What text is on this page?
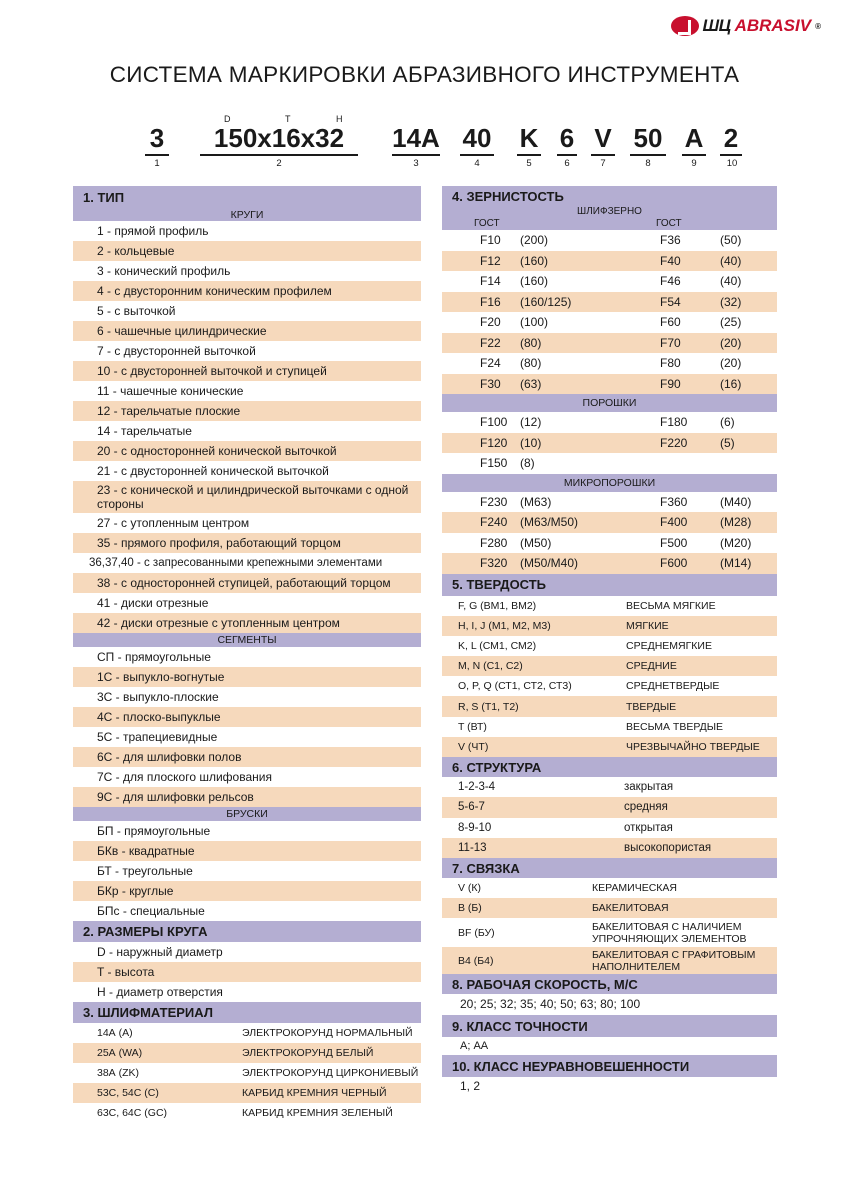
ШЦ ABRASIV ®
СИСТЕМА МАРКИРОВКИ АБРАЗИВНОГО ИНСТРУМЕНТА
3	150х16х32	14А 40 K 6 V 50 А 2
D	T	H
1	2	3	4	5	6	7	8	9	10
1. ТИП
КРУГИ
1 - прямой профиль
2 - кольцевые
3 - конический профиль
4 - с двусторонним коническим профилем
5 - с выточкой
6 - чашечные цилиндрические
7 - с двусторонней выточкой
10 - с двусторонней выточкой и ступицей
11 - чашечные конические
12 - тарельчатые плоские
14 - тарельчатые
20 - с односторонней конической выточкой
21 - с двусторонней конической выточкой
23 - с конической и цилиндрической выточками с одной стороны
27 - с утопленным центром
35 - прямого профиля, работающий торцом
36,37,40 - с запресованными крепежными элементами
38 - с односторонней ступицей, работающий торцом
41 - диски отрезные
42 - диски отрезные с утопленным центром
СЕГМЕНТЫ
СП - прямоугольные
1С - выпукло-вогнутые
3С - выпукло-плоские
4С - плоско-выпуклые
5С - трапециевидные
6С - для шлифовки полов
7С - для плоского шлифования
9С - для шлифовки рельсов
БРУСКИ
БП - прямоугольные
БКв - квадратные
БТ - треугольные
БКр - круглые
БПс - специальные
2. РАЗМЕРЫ КРУГА
D - наружный диаметр
T - высота
H - диаметр отверстия
3. ШЛИФМАТЕРИАЛ
14А (А)	ЭЛЕКТРОКОРУНД НОРМАЛЬНЫЙ
25А (WA)	ЭЛЕКТРОКОРУНД БЕЛЫЙ
38А (ZK)	ЭЛЕКТРОКОРУНД ЦИРКОНИЕВЫЙ
53С, 54С (С)	КАРБИД КРЕМНИЯ ЧЕРНЫЙ
63С, 64С (GC)	КАРБИД КРЕМНИЯ ЗЕЛЕНЫЙ
4. ЗЕРНИСТОСТЬ
ШЛИФЗЕРНО
ГОСТ	ГОСТ
F10 (200)	F36	(50)
F12 (160)	F40	(40)
F14 (160)	F46	(40)
F16 (160/125)	F54	(32)
F20 (100)	F60	(25)
F22 (80)	F70	(20)
F24 (80)	F80	(20)
F30 (63)	F90	(16)
ПОРОШКИ
F100 (12)	F180	(6)
F120 (10)	F220	(5)
F150 (8)
МИКРОПОРОШКИ
F230 (М63)	F360	(М40)
F240 (М63/М50)	F400	(М28)
F280 (М50)	F500	(М20)
F320 (М50/М40)	F600	(М14)
5. ТВЕРДОСТЬ
F, G (ВМ1, ВМ2)	ВЕСЬМА МЯГКИЕ
H, I, J (М1, М2, М3)	МЯГКИЕ
K, L (СМ1, СМ2)	СРЕДНЕМЯГКИЕ
M, N (С1, С2)	СРЕДНИЕ
O, P, Q (СТ1, СТ2, СТ3)	СРЕДНЕТВЕРДЫЕ
R, S (Т1, Т2)	ТВЕРДЫЕ
T (ВТ)	ВЕСЬМА ТВЕРДЫЕ
V (ЧТ)	ЧРЕЗВЫЧАЙНО ТВЕРДЫЕ
6. СТРУКТУРА
1-2-3-4	закрытая
5-6-7	средняя
8-9-10	открытая
11-13	высокопористая
7. СВЯЗКА
V (К)	КЕРАМИЧЕСКАЯ
B (Б)	БАКЕЛИТОВАЯ
BF (БУ)	БАКЕЛИТОВАЯ С НАЛИЧИЕМ УПРОЧНЯЮЩИХ ЭЛЕМЕНТОВ
B4 (Б4)	БАКЕЛИТОВАЯ С ГРАФИТОВЫМ НАПОЛНИТЕЛЕМ
8. РАБОЧАЯ СКОРОСТЬ, М/С
20; 25; 32; 35; 40; 50; 63; 80; 100
9. КЛАСС ТОЧНОСТИ
А; АА
10. КЛАСС НЕУРАВНОВЕШЕННОСТИ
1, 2
